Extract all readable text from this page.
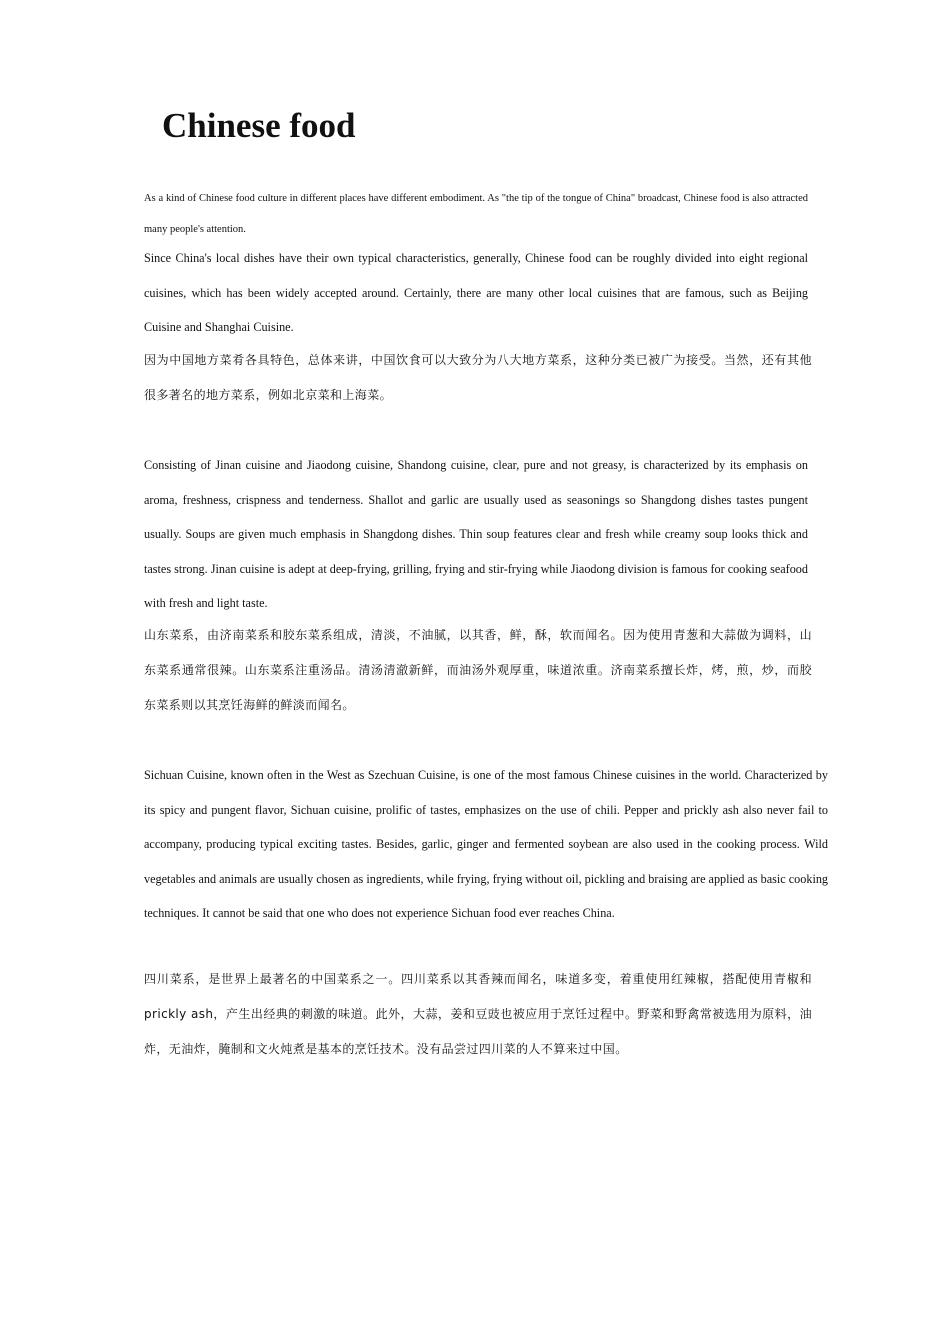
Chinese food

As a kind of Chinese food culture in different places have different embodiment. As "the tip of the tongue of China" broadcast, Chinese food is also attracted many people's attention.

Since China's local dishes have their own typical characteristics, generally, Chinese food can be roughly divided into eight regional cuisines, which has been widely accepted around. Certainly, there are many other local cuisines that are famous, such as Beijing Cuisine and Shanghai Cuisine.

因为中国地方菜肴各具特色，总体来讲，中国饮食可以大致分为八大地方菜系，这种分类已被广为接受。当然，还有其他很多著名的地方菜系，例如北京菜和上海菜。

Consisting of Jinan cuisine and Jiaodong cuisine, Shandong cuisine, clear, pure and not greasy, is characterized by its emphasis on aroma, freshness, crispness and tenderness. Shallot and garlic are usually used as seasonings so Shangdong dishes tastes pungent usually. Soups are given much emphasis in Shangdong dishes. Thin soup features clear and fresh while creamy soup looks thick and tastes strong. Jinan cuisine is adept at deep-frying, grilling, frying and stir-frying while Jiaodong division is famous for cooking seafood with fresh and light taste.

山东菜系，由济南菜系和胶东菜系组成，清淡，不油腻，以其香，鲜，酥，软而闻名。因为使用青葱和大蒜做为调料，山东菜系通常很辣。山东菜系注重汤品。清汤清澈新鲜，而油汤外观厚重，味道浓重。济南菜系擅长炸，烤，煎，炒，而胶东菜系则以其烹饪海鲜的鲜淡而闻名。

Sichuan Cuisine, known often in the West as Szechuan Cuisine, is one of the most famous Chinese cuisines in the world. Characterized by its spicy and pungent flavor, Sichuan cuisine, prolific of tastes, emphasizes on the use of chili. Pepper and prickly ash also never fail to accompany, producing typical exciting tastes. Besides, garlic, ginger and fermented soybean are also used in the cooking process. Wild vegetables and animals are usually chosen as ingredients, while frying, frying without oil, pickling and braising are applied as basic cooking techniques. It cannot be said that one who does not experience Sichuan food ever reaches China.

四川菜系，是世界上最著名的中国菜系之一。四川菜系以其香辣而闻名，味道多变，着重使用红辣椒，搭配使用青椒和prickly ash，产生出经典的刺激的味道。此外，大蒜，姜和豆豉也被应用于烹饪过程中。野菜和野禽常被选用为原料，油炸，无油炸，腌制和文火炖煮是基本的烹饪技术。没有品尝过四川菜的人不算来过中国。
